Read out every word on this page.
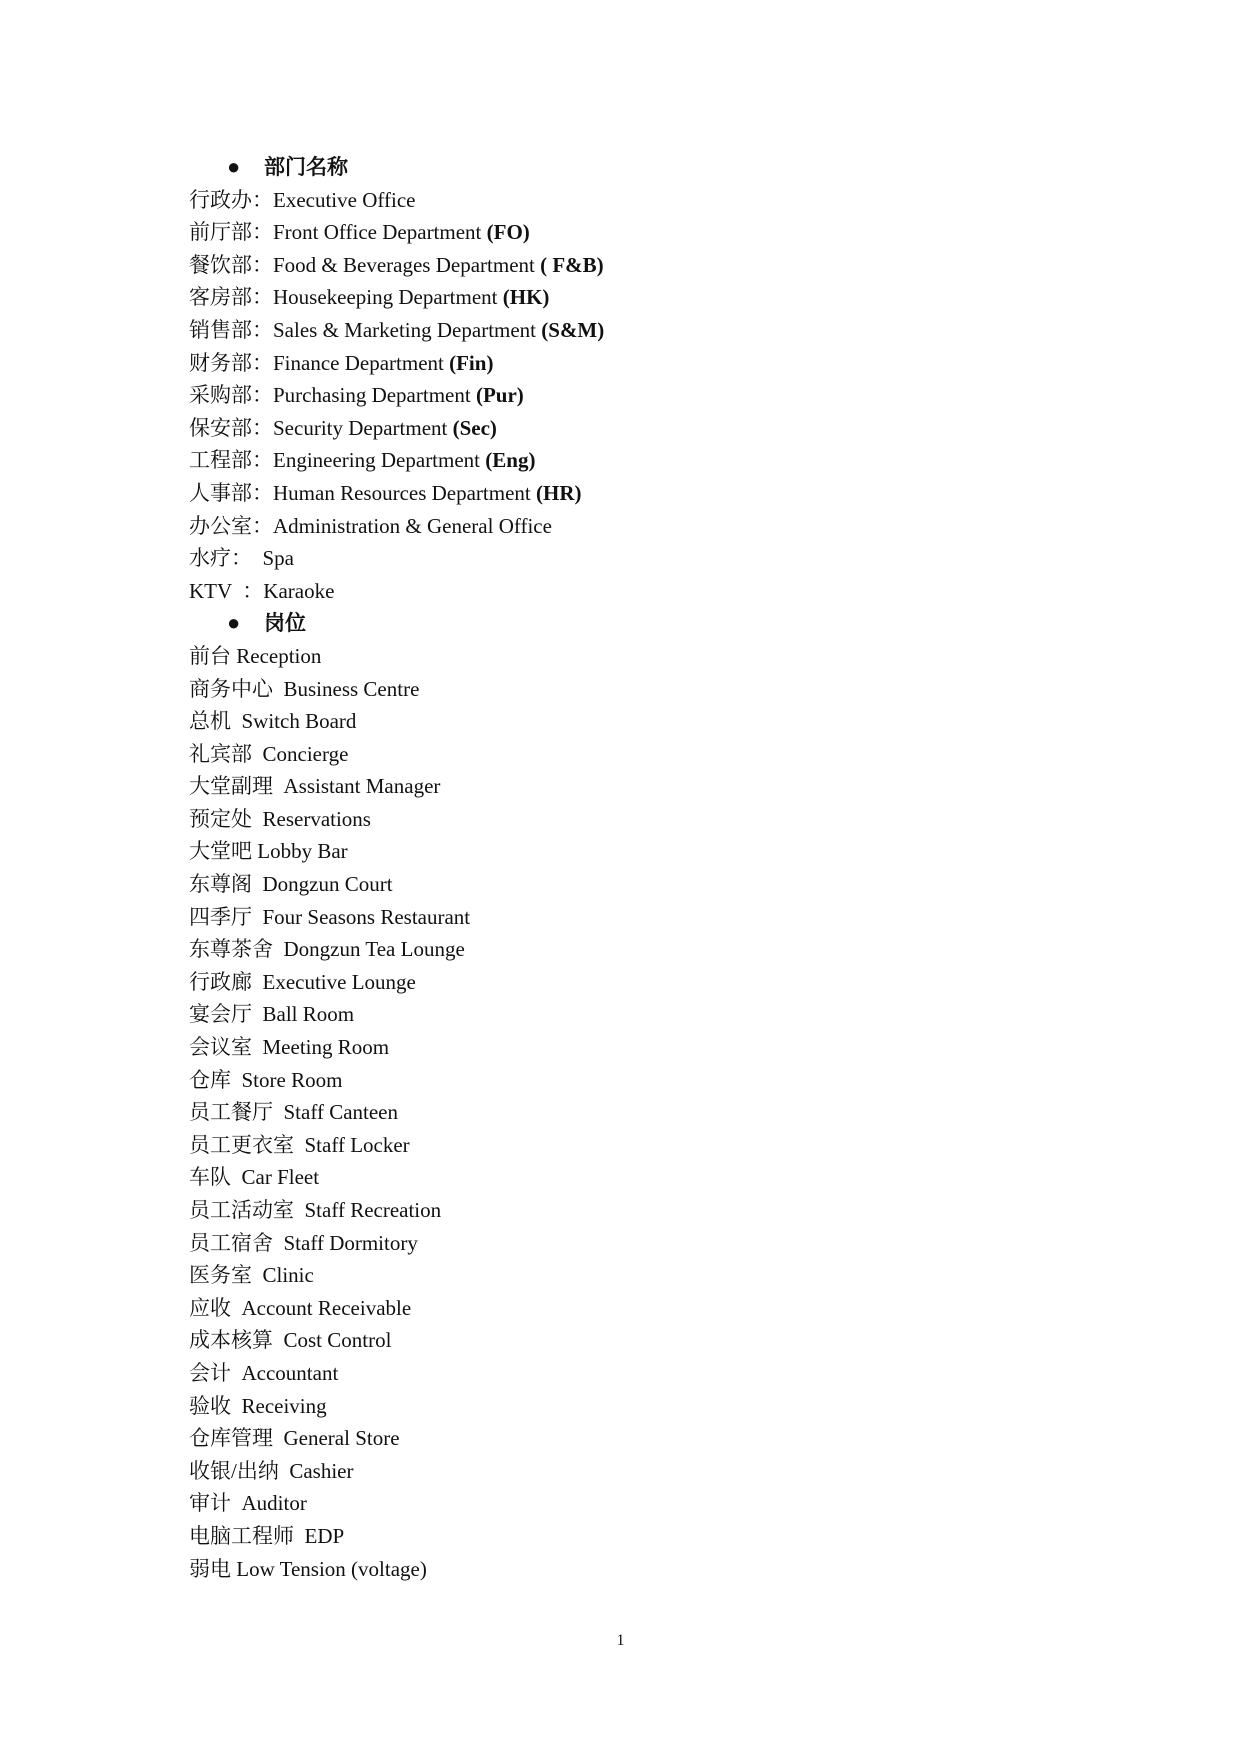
● 部门名称
行政办：Executive Office
前厅部：Front Office Department (FO)
餐饮部：Food & Beverages Department ( F&B)
客房部：Housekeeping Department (HK)
销售部：Sales & Marketing Department (S&M)
财务部：Finance Department (Fin)
采购部：Purchasing Department (Pur)
保安部：Security Department (Sec)
工程部：Engineering Department (Eng)
人事部：Human Resources Department (HR)
办公室：Administration & General Office
水疗：  Spa
KTV  ：Karaoke
● 岗位
前台 Reception
商务中心  Business Centre
总机  Switch Board
礼宾部  Concierge
大堂副理  Assistant Manager
预定处  Reservations
大堂吧 Lobby Bar
东尊阁  Dongzun Court
四季厅  Four Seasons Restaurant
东尊茶舍  Dongzun Tea Lounge
行政廊  Executive Lounge
宴会厅  Ball Room
会议室  Meeting Room
仓库  Store Room
员工餐厅  Staff Canteen
员工更衣室  Staff Locker
车队  Car Fleet
员工活动室  Staff Recreation
员工宿舍  Staff Dormitory
医务室  Clinic
应收  Account Receivable
成本核算  Cost Control
会计  Accountant
验收  Receiving
仓库管理  General Store
收银/出纳  Cashier
审计  Auditor
电脑工程师  EDP
弱电 Low Tension (voltage)
1
